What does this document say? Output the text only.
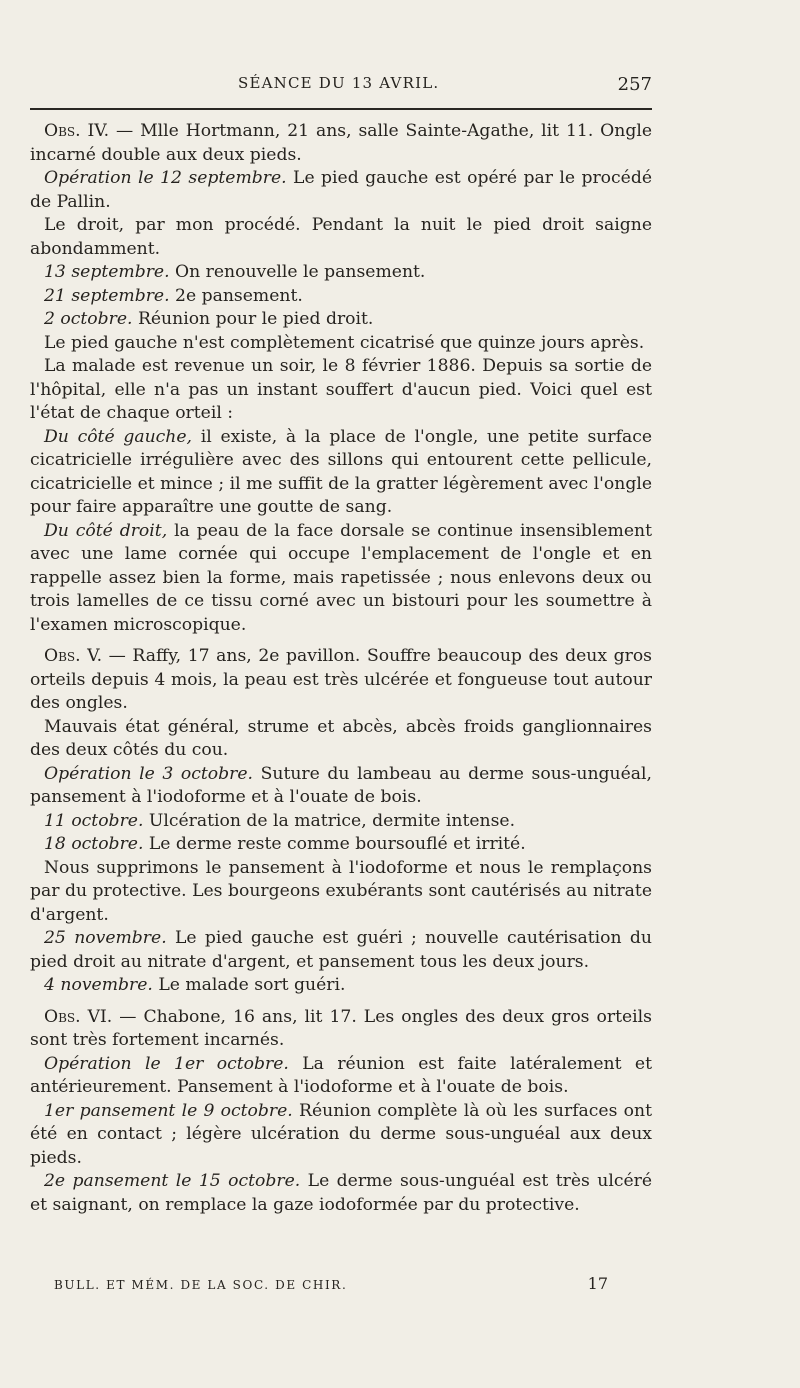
SÉANCE DU 13 AVRIL.	257

Obs. IV. — Mlle Hortmann, 21 ans, salle Sainte-Agathe, lit 11. Ongle incarné double aux deux pieds.

Opération le 12 septembre. Le pied gauche est opéré par le procédé de Pallin.

Le droit, par mon procédé. Pendant la nuit le pied droit saigne abondamment.

13 septembre. On renouvelle le pansement.

21 septembre. 2e pansement.

2 octobre. Réunion pour le pied droit.

Le pied gauche n'est complètement cicatrisé que quinze jours après.

La malade est revenue un soir, le 8 février 1886. Depuis sa sortie de l'hôpital, elle n'a pas un instant souffert d'aucun pied. Voici quel est l'état de chaque orteil :

Du côté gauche, il existe, à la place de l'ongle, une petite surface cicatricielle irrégulière avec des sillons qui entourent cette pellicule, cicatricielle et mince ; il me suffit de la gratter légèrement avec l'ongle pour faire apparaître une goutte de sang.

Du côté droit, la peau de la face dorsale se continue insensiblement avec une lame cornée qui occupe l'emplacement de l'ongle et en rappelle assez bien la forme, mais rapetissée ; nous enlevons deux ou trois lamelles de ce tissu corné avec un bistouri pour les soumettre à l'examen microscopique.

Obs. V. — Raffy, 17 ans, 2e pavillon. Souffre beaucoup des deux gros orteils depuis 4 mois, la peau est très ulcérée et fongueuse tout autour des ongles.

Mauvais état général, strume et abcès, abcès froids ganglionnaires des deux côtés du cou.

Opération le 3 octobre. Suture du lambeau au derme sous-unguéal, pansement à l'iodoforme et à l'ouate de bois.

11 octobre. Ulcération de la matrice, dermite intense.

18 octobre. Le derme reste comme boursouflé et irrité.

Nous supprimons le pansement à l'iodoforme et nous le remplaçons par du protective. Les bourgeons exubérants sont cautérisés au nitrate d'argent.

25 novembre. Le pied gauche est guéri ; nouvelle cautérisation du pied droit au nitrate d'argent, et pansement tous les deux jours.

4 novembre. Le malade sort guéri.

Obs. VI. — Chabone, 16 ans, lit 17. Les ongles des deux gros orteils sont très fortement incarnés.

Opération le 1er octobre. La réunion est faite latéralement et antérieurement. Pansement à l'iodoforme et à l'ouate de bois.

1er pansement le 9 octobre. Réunion complète là où les surfaces ont été en contact ; légère ulcération du derme sous-unguéal aux deux pieds.

2e pansement le 15 octobre. Le derme sous-unguéal est très ulcéré et saignant, on remplace la gaze iodoformée par du protective.

BULL. ET MÉM. DE LA SOC. DE CHIR.	17
